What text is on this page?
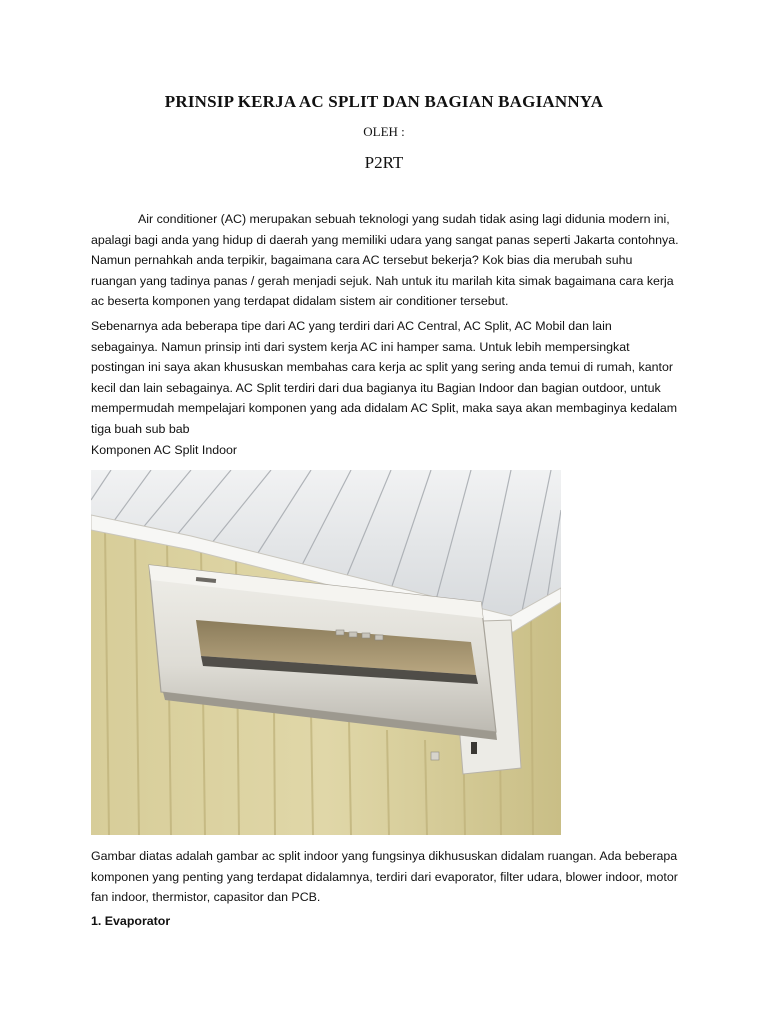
PRINSIP KERJA AC SPLIT DAN BAGIAN BAGIANNYA
OLEH :
P2RT

Air conditioner (AC) merupakan sebuah teknologi yang sudah tidak asing lagi didunia modern ini, apalagi bagi anda yang hidup di daerah yang memiliki udara yang sangat panas seperti Jakarta contohnya. Namun pernahkah anda terpikir, bagaimana cara AC tersebut bekerja? Kok bias dia merubah suhu ruangan yang tadinya panas / gerah menjadi sejuk. Nah untuk itu marilah kita simak bagaimana cara kerja ac beserta komponen yang terdapat didalam sistem air conditioner tersebut.

Sebenarnya ada beberapa tipe dari AC yang terdiri dari AC Central, AC Split, AC Mobil dan lain sebagainya. Namun prinsip inti dari system kerja AC ini hamper sama. Untuk lebih mempersingkat postingan ini saya akan khususkan membahas cara kerja ac split yang sering anda temui di rumah, kantor kecil dan lain sebagainya. AC Split terdiri dari dua bagianya itu Bagian Indoor dan bagian outdoor, untuk mempermudah mempelajari komponen yang ada didalam AC Split, maka saya akan membaginya kedalam tiga buah sub bab

Komponen AC Split Indoor

Gambar diatas adalah gambar ac split indoor yang fungsinya dikhususkan didalam ruangan. Ada beberapa komponen yang penting yang terdapat didalamnya, terdiri dari evaporator, filter udara, blower indoor, motor fan indoor, thermistor, capasitor dan PCB.

1. Evaporator
